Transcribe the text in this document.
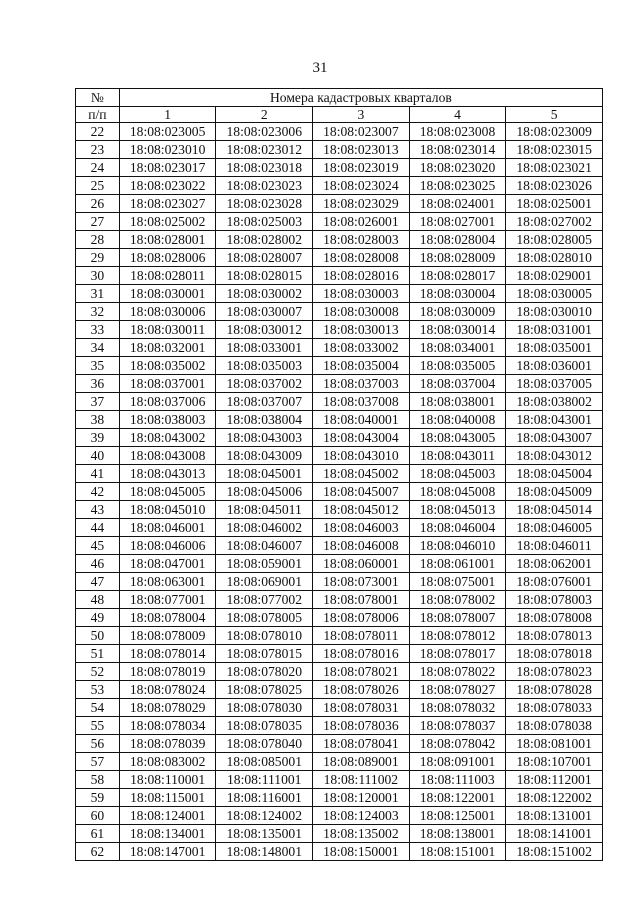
31
№	Номера кадастровых кварталов				
п/п	1	2	3	4	5
22	18:08:023005	18:08:023006	18:08:023007	18:08:023008	18:08:023009
23	18:08:023010	18:08:023012	18:08:023013	18:08:023014	18:08:023015
24	18:08:023017	18:08:023018	18:08:023019	18:08:023020	18:08:023021
25	18:08:023022	18:08:023023	18:08:023024	18:08:023025	18:08:023026
26	18:08:023027	18:08:023028	18:08:023029	18:08:024001	18:08:025001
27	18:08:025002	18:08:025003	18:08:026001	18:08:027001	18:08:027002
28	18:08:028001	18:08:028002	18:08:028003	18:08:028004	18:08:028005
29	18:08:028006	18:08:028007	18:08:028008	18:08:028009	18:08:028010
30	18:08:028011	18:08:028015	18:08:028016	18:08:028017	18:08:029001
31	18:08:030001	18:08:030002	18:08:030003	18:08:030004	18:08:030005
32	18:08:030006	18:08:030007	18:08:030008	18:08:030009	18:08:030010
33	18:08:030011	18:08:030012	18:08:030013	18:08:030014	18:08:031001
34	18:08:032001	18:08:033001	18:08:033002	18:08:034001	18:08:035001
35	18:08:035002	18:08:035003	18:08:035004	18:08:035005	18:08:036001
36	18:08:037001	18:08:037002	18:08:037003	18:08:037004	18:08:037005
37	18:08:037006	18:08:037007	18:08:037008	18:08:038001	18:08:038002
38	18:08:038003	18:08:038004	18:08:040001	18:08:040008	18:08:043001
39	18:08:043002	18:08:043003	18:08:043004	18:08:043005	18:08:043007
40	18:08:043008	18:08:043009	18:08:043010	18:08:043011	18:08:043012
41	18:08:043013	18:08:045001	18:08:045002	18:08:045003	18:08:045004
42	18:08:045005	18:08:045006	18:08:045007	18:08:045008	18:08:045009
43	18:08:045010	18:08:045011	18:08:045012	18:08:045013	18:08:045014
44	18:08:046001	18:08:046002	18:08:046003	18:08:046004	18:08:046005
45	18:08:046006	18:08:046007	18:08:046008	18:08:046010	18:08:046011
46	18:08:047001	18:08:059001	18:08:060001	18:08:061001	18:08:062001
47	18:08:063001	18:08:069001	18:08:073001	18:08:075001	18:08:076001
48	18:08:077001	18:08:077002	18:08:078001	18:08:078002	18:08:078003
49	18:08:078004	18:08:078005	18:08:078006	18:08:078007	18:08:078008
50	18:08:078009	18:08:078010	18:08:078011	18:08:078012	18:08:078013
51	18:08:078014	18:08:078015	18:08:078016	18:08:078017	18:08:078018
52	18:08:078019	18:08:078020	18:08:078021	18:08:078022	18:08:078023
53	18:08:078024	18:08:078025	18:08:078026	18:08:078027	18:08:078028
54	18:08:078029	18:08:078030	18:08:078031	18:08:078032	18:08:078033
55	18:08:078034	18:08:078035	18:08:078036	18:08:078037	18:08:078038
56	18:08:078039	18:08:078040	18:08:078041	18:08:078042	18:08:081001
57	18:08:083002	18:08:085001	18:08:089001	18:08:091001	18:08:107001
58	18:08:110001	18:08:111001	18:08:111002	18:08:111003	18:08:112001
59	18:08:115001	18:08:116001	18:08:120001	18:08:122001	18:08:122002
60	18:08:124001	18:08:124002	18:08:124003	18:08:125001	18:08:131001
61	18:08:134001	18:08:135001	18:08:135002	18:08:138001	18:08:141001
62	18:08:147001	18:08:148001	18:08:150001	18:08:151001	18:08:151002
